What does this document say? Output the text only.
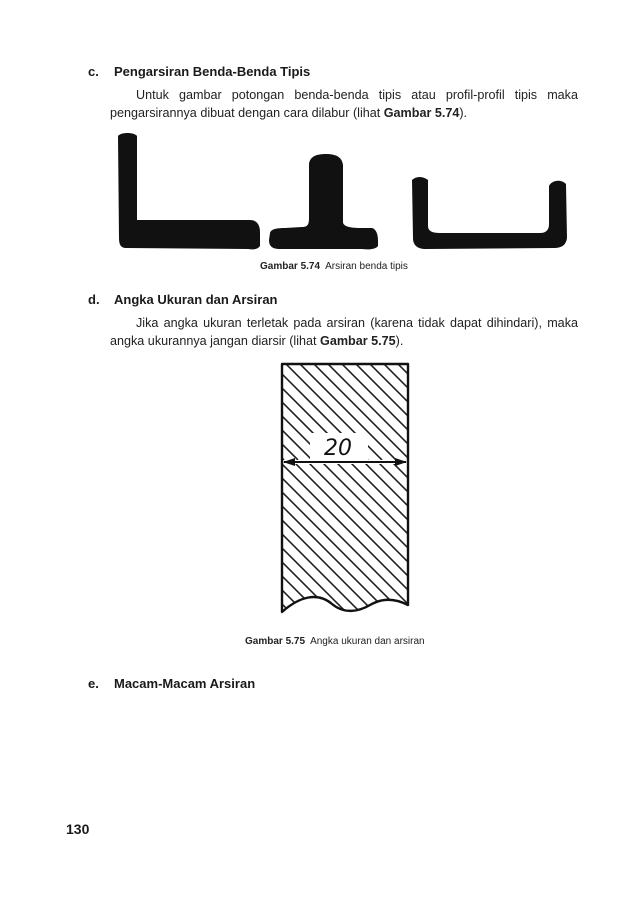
c. Pengarsiran Benda-Benda Tipis
Untuk gambar potongan benda-benda tipis atau profil-profil tipis maka pengarsirannya dibuat dengan cara dilabur (lihat Gambar 5.74).
Gambar 5.74 Arsiran benda tipis
d. Angka Ukuran dan Arsiran
Jika angka ukuran terletak pada arsiran (karena tidak dapat dihindari), maka angka ukurannya jangan diarsir (lihat Gambar 5.75).
20
Gambar 5.75 Angka ukuran dan arsiran
e. Macam-Macam Arsiran
130
